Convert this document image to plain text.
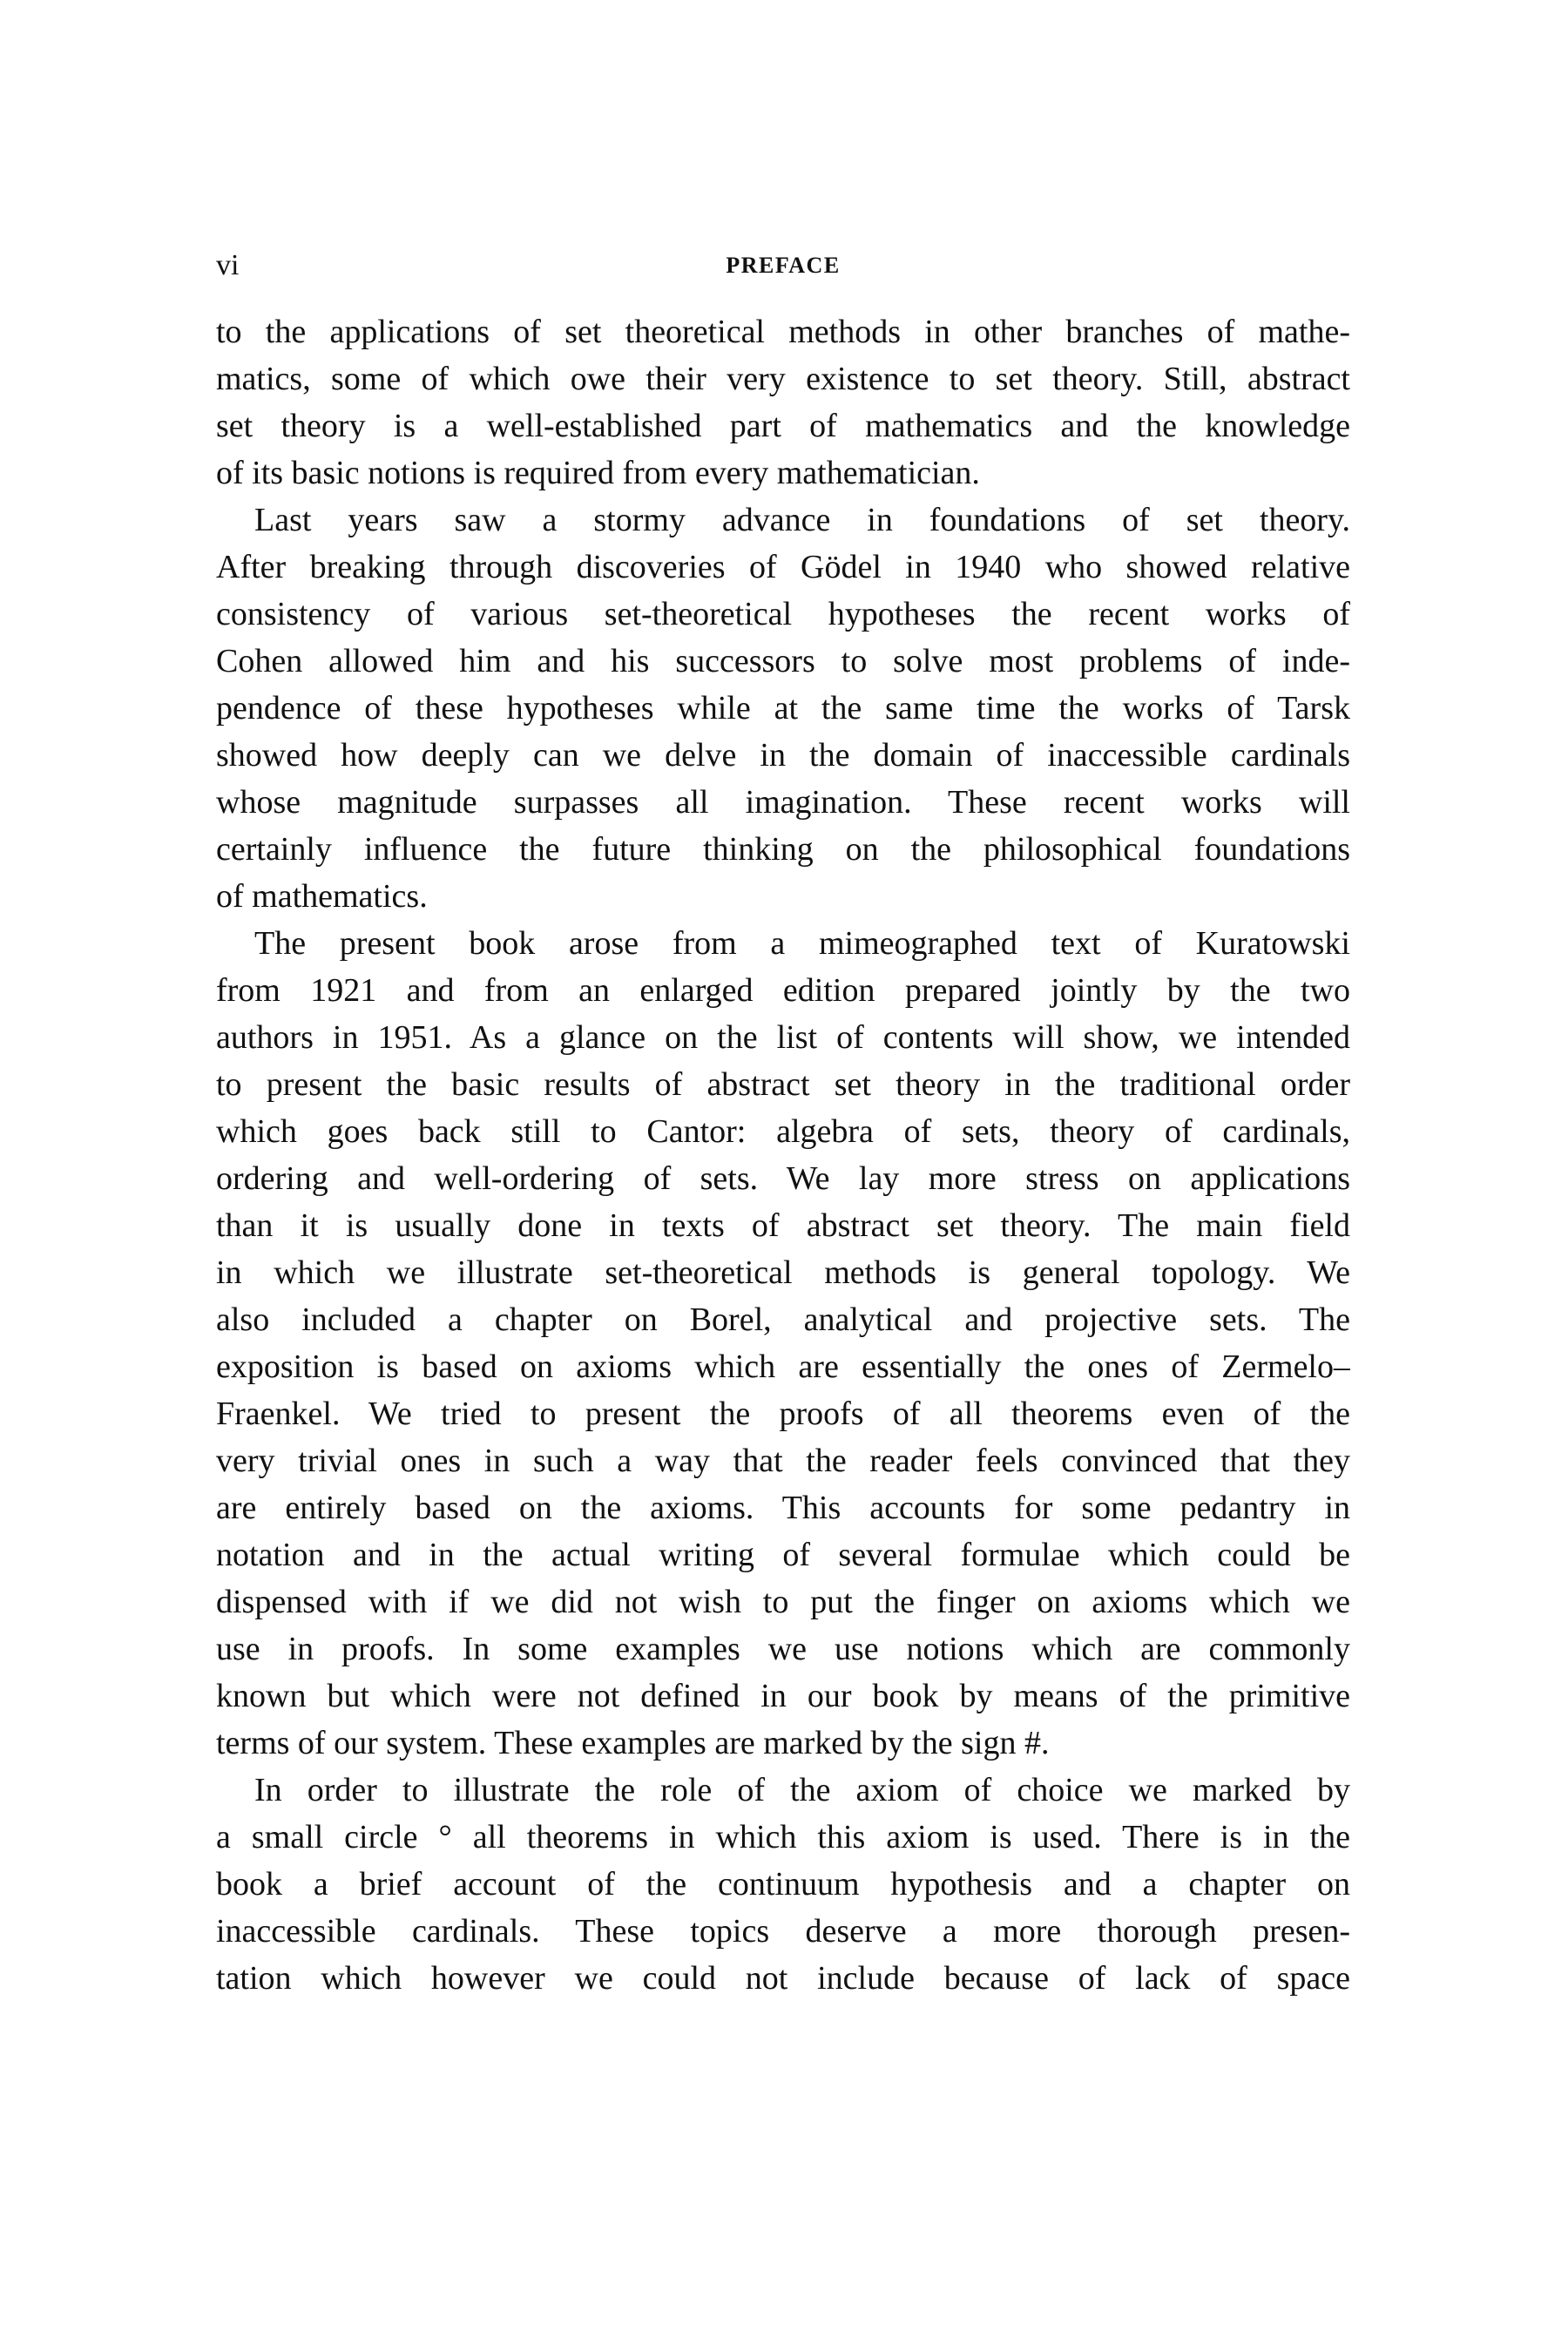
vi	PREFACE
to the applications of set theoretical methods in other branches of mathe-
matics, some of which owe their very existence to set theory. Still, abstract
set theory is a well-established part of mathematics and the knowledge
of its basic notions is required from every mathematician.
Last years saw a stormy advance in foundations of set theory.
After breaking through discoveries of Gödel in 1940 who showed relative
consistency of various set-theoretical hypotheses the recent works of
Cohen allowed him and his successors to solve most problems of inde-
pendence of these hypotheses while at the same time the works of Tarsk
showed how deeply can we delve in the domain of inaccessible cardinals
whose magnitude surpasses all imagination. These recent works will
certainly influence the future thinking on the philosophical foundations
of mathematics.
The present book arose from a mimeographed text of Kuratowski
from 1921 and from an enlarged edition prepared jointly by the two
authors in 1951. As a glance on the list of contents will show, we intended
to present the basic results of abstract set theory in the traditional order
which goes back still to Cantor: algebra of sets, theory of cardinals,
ordering and well-ordering of sets. We lay more stress on applications
than it is usually done in texts of abstract set theory. The main field
in which we illustrate set-theoretical methods is general topology. We
also included a chapter on Borel, analytical and projective sets. The
exposition is based on axioms which are essentially the ones of Zermelo–
Fraenkel. We tried to present the proofs of all theorems even of the
very trivial ones in such a way that the reader feels convinced that they
are entirely based on the axioms. This accounts for some pedantry in
notation and in the actual writing of several formulae which could be
dispensed with if we did not wish to put the finger on axioms which we
use in proofs. In some examples we use notions which are commonly
known but which were not defined in our book by means of the primitive
terms of our system. These examples are marked by the sign #.
In order to illustrate the role of the axiom of choice we marked by
a small circle ° all theorems in which this axiom is used. There is in the
book a brief account of the continuum hypothesis and a chapter on
inaccessible cardinals. These topics deserve a more thorough presen-
tation which however we could not include because of lack of space
